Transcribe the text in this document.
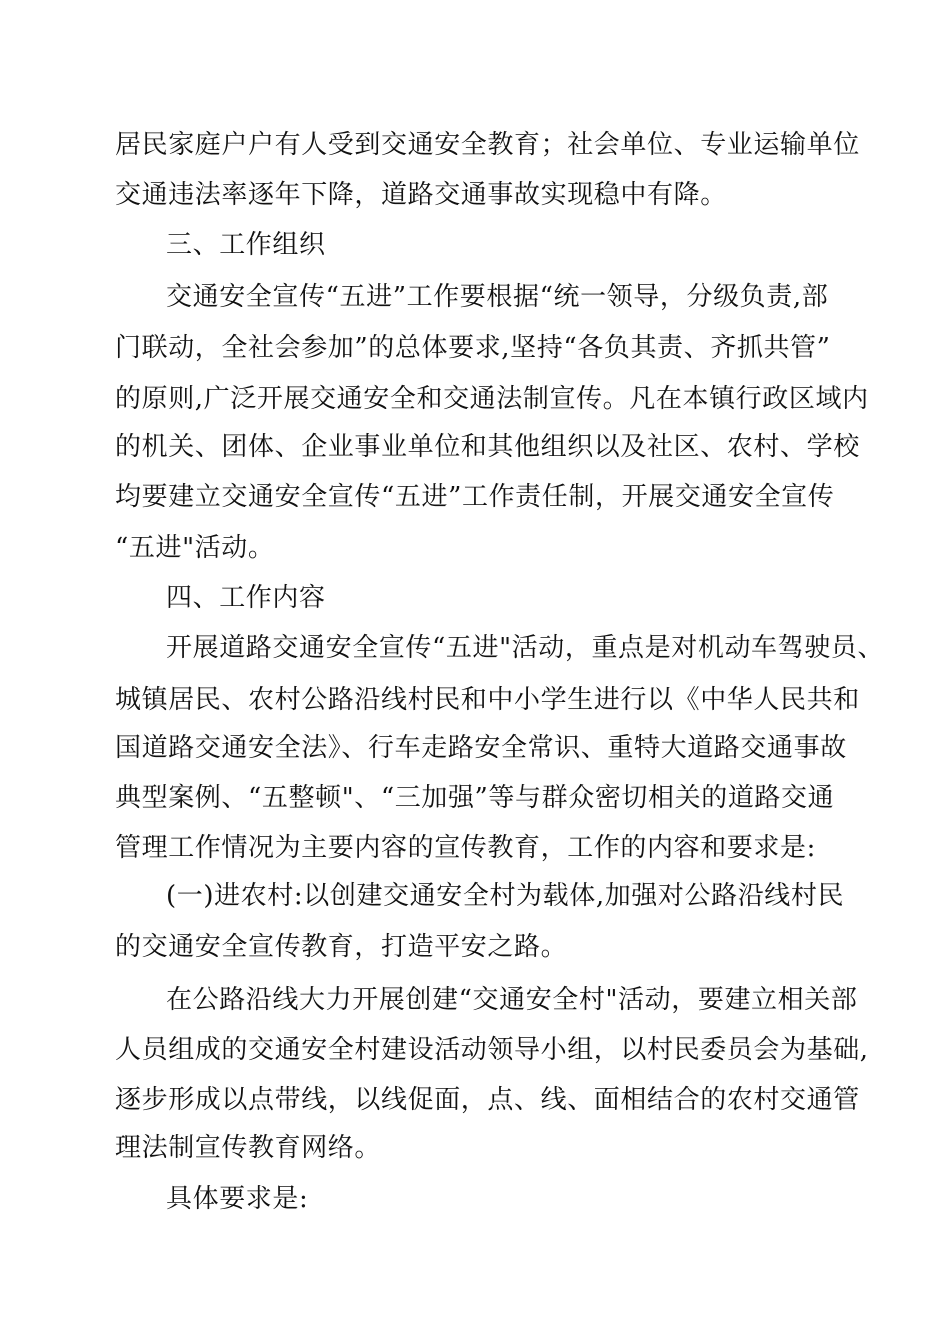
居民家庭户户有人受到交通安全教育；社会单位、专业运输单位
交通违法率逐年下降，道路交通事故实现稳中有降。
三、工作组织
交通安全宣传“五进”工作要根据“统一领导，分级负责,部
门联动，全社会参加”的总体要求,坚持“各负其责、齐抓共管”
的原则,广泛开展交通安全和交通法制宣传。凡在本镇行政区域内
的机关、团体、企业事业单位和其他组织以及社区、农村、学校
均要建立交通安全宣传“五进”工作责任制，开展交通安全宣传
“五进"活动。
四、工作内容
开展道路交通安全宣传“五进"活动，重点是对机动车驾驶员、
城镇居民、农村公路沿线村民和中小学生进行以《中华人民共和
国道路交通安全法》、行车走路安全常识、重特大道路交通事故
典型案例、“五整顿"、“三加强”等与群众密切相关的道路交通
管理工作情况为主要内容的宣传教育，工作的内容和要求是:
(一)进农村:以创建交通安全村为载体,加强对公路沿线村民
的交通安全宣传教育，打造平安之路。
在公路沿线大力开展创建“交通安全村"活动，要建立相关部
人员组成的交通安全村建设活动领导小组，以村民委员会为基础,
逐步形成以点带线，以线促面，点、线、面相结合的农村交通管
理法制宣传教育网络。
具体要求是:
